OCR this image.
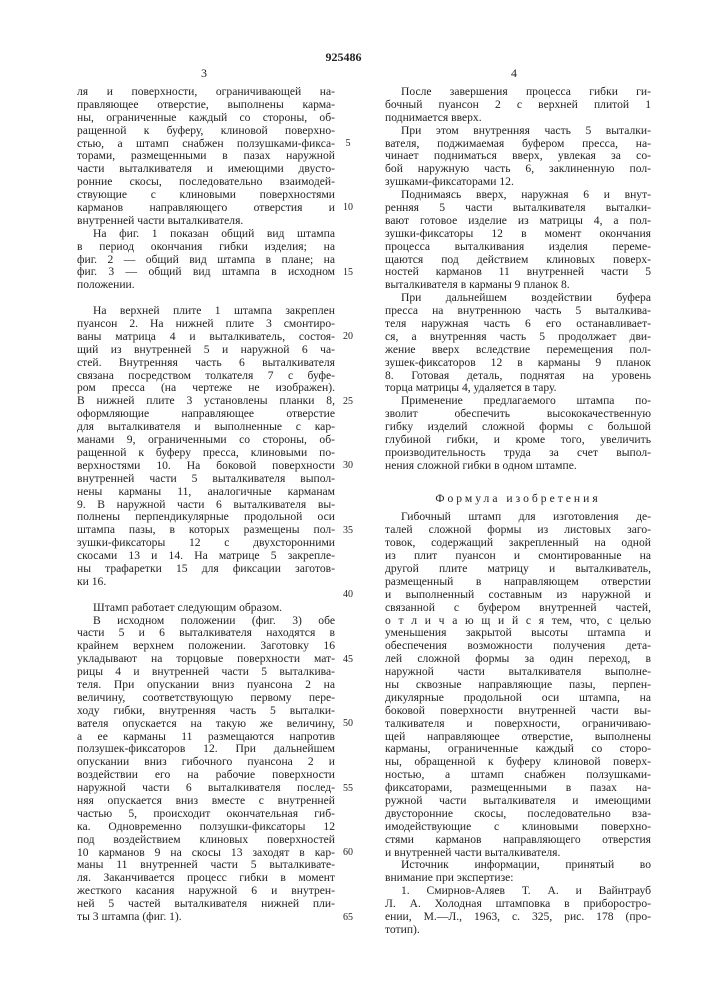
925486
3	4
ля и поверхности, ограничивающей на-
правляющее отверстие, выполнены карма-
ны, ограниченные каждый со стороны, об-
ращенной к буферу, клиновой поверхно-
стью, а штамп снабжен ползушками-фикса-
торами, размещенными в пазах наружной
части выталкивателя и имеющими двусто-
ронние скосы, последовательно взаимодей-
ствующие с клиновыми поверхностями
карманов направляющего отверстия и
внутренней части выталкивателя.
На фиг. 1 показан общий вид штампа
в период окончания гибки изделия; на
фиг. 2 — общий вид штампа в плане; на
фиг. 3 — общий вид штампа в исходном
положении.
На верхней плите 1 штампа закреплен
пуансон 2. На нижней плите 3 смонтиро-
ваны матрица 4 и выталкиватель, состоя-
щий из внутренней 5 и наружной 6 ча-
стей. Внутренняя часть 6 выталкивателя
связана посредством толкателя 7 с буфе-
ром пресса (на чертеже не изображен).
В нижней плите 3 установлены планки 8,
оформляющие направляющее отверстие
для выталкивателя и выполненные с кар-
манами 9, ограниченными со стороны, об-
ращенной к буферу пресса, клиновыми по-
верхностями 10. На боковой поверхности
внутренней части 5 выталкивателя выпол-
нены карманы 11, аналогичные карманам
9. В наружной части 6 выталкивателя вы-
полнены перпендикулярные продольной оси
штампа пазы, в которых размещены пол-
зушки-фиксаторы 12 с двухсторонними
скосами 13 и 14. На матрице 5 закрепле-
ны трафаретки 15 для фиксации заготов-
ки 16.
Штамп работает следующим образом.
В исходном положении (фиг. 3) обе
части 5 и 6 выталкивателя находятся в
крайнем верхнем положении. Заготовку 16
укладывают на торцовые поверхности мат-
рицы 4 и внутренней части 5 выталкива-
теля. При опускании вниз пуансона 2 на
величину, соответствующую первому пере-
ходу гибки, внутренняя часть 5 выталки-
вателя опускается на такую же величину,
а ее карманы 11 размещаются напротив
ползушек-фиксаторов 12. При дальнейшем
опускании вниз гибочного пуансона 2 и
воздействии его на рабочие поверхности
наружной части 6 выталкивателя послед-
няя опускается вниз вместе с внутренней
частью 5, происходит окончательная гиб-
ка. Одновременно ползушки-фиксаторы 12
под воздействием клиновых поверхностей
10 карманов 9 на скосы 13 заходят в кар-
маны 11 внутренней части 5 выталкивате-
ля. Заканчивается процесс гибки в момент
жесткого касания наружной 6 и внутрен-
ней 5 частей выталкивателя нижней пли-
ты 3 штампа (фиг. 1).
После завершения процесса гибки ги-
бочный пуансон 2 с верхней плитой 1
поднимается вверх.
При этом внутренняя часть 5 выталки-
вателя, поджимаемая буфером пресса, на-
чинает подниматься вверх, увлекая за со-
бой наружную часть 6, заклиненную пол-
зушками-фиксаторами 12.
Поднимаясь вверх, наружная 6 и внут-
ренняя 5 части выталкивателя выталки-
вают готовое изделие из матрицы 4, а пол-
зушки-фиксаторы 12 в момент окончания
процесса выталкивания изделия переме-
щаются под действием клиновых поверх-
ностей карманов 11 внутренней части 5
выталкивателя в карманы 9 планок 8.
При дальнейшем воздействии буфера
пресса на внутреннюю часть 5 выталкива-
теля наружная часть 6 его останавливает-
ся, а внутренняя часть 5 продолжает дви-
жение вверх вследствие перемещения пол-
зушек-фиксаторов 12 в карманы 9 планок
8. Готовая деталь, поднятая на уровень
торца матрицы 4, удаляется в тару.
Применение предлагаемого штампа по-
зволит обеспечить высококачественную
гибку изделий сложной формы с большой
глубиной гибки, и кроме того, увеличить
производительность труда за счет выпол-
нения сложной гибки в одном штампе.
Формула изобретения
Гибочный штамп для изготовления де-
талей сложной формы из листовых заго-
товок, содержащий закрепленный на одной
из плит пуансон и смонтированные на
другой плите матрицу и выталкиватель,
размещенный в направляющем отверстии
и выполненный составным из наружной и
связанной с буфером внутренней частей,
о т л и ч а ю щ и й с я тем, что, с целью
уменьшения закрытой высоты штампа и
обеспечения возможности получения дета-
лей сложной формы за один переход, в
наружной части выталкивателя выполне-
ны сквозные направляющие пазы, перпен-
дикулярные продольной оси штампа, на
боковой поверхности внутренней части вы-
талкивателя и поверхности, ограничиваю-
щей направляющее отверстие, выполнены
карманы, ограниченные каждый со сторо-
ны, обращенной к буферу клиновой поверх-
ностью, а штамп снабжен ползушками-
фиксаторами, размещенными в пазах на-
ружной части выталкивателя и имеющими
двусторонние скосы, последовательно вза-
имодействующие с клиновыми поверхно-
стями карманов направляющего отверстия
и внутренней части выталкивателя.
Источник информации, принятый во
внимание при экспертизе:
1. Смирнов-Аляев Т. А. и Вайнтрауб
Л. А. Холодная штамповка в приборостро-
ении, М.—Л., 1963, с. 325, рис. 178 (про-
тотип).
5
10
15
20
25
30
35
40
45
50
55
60
65
